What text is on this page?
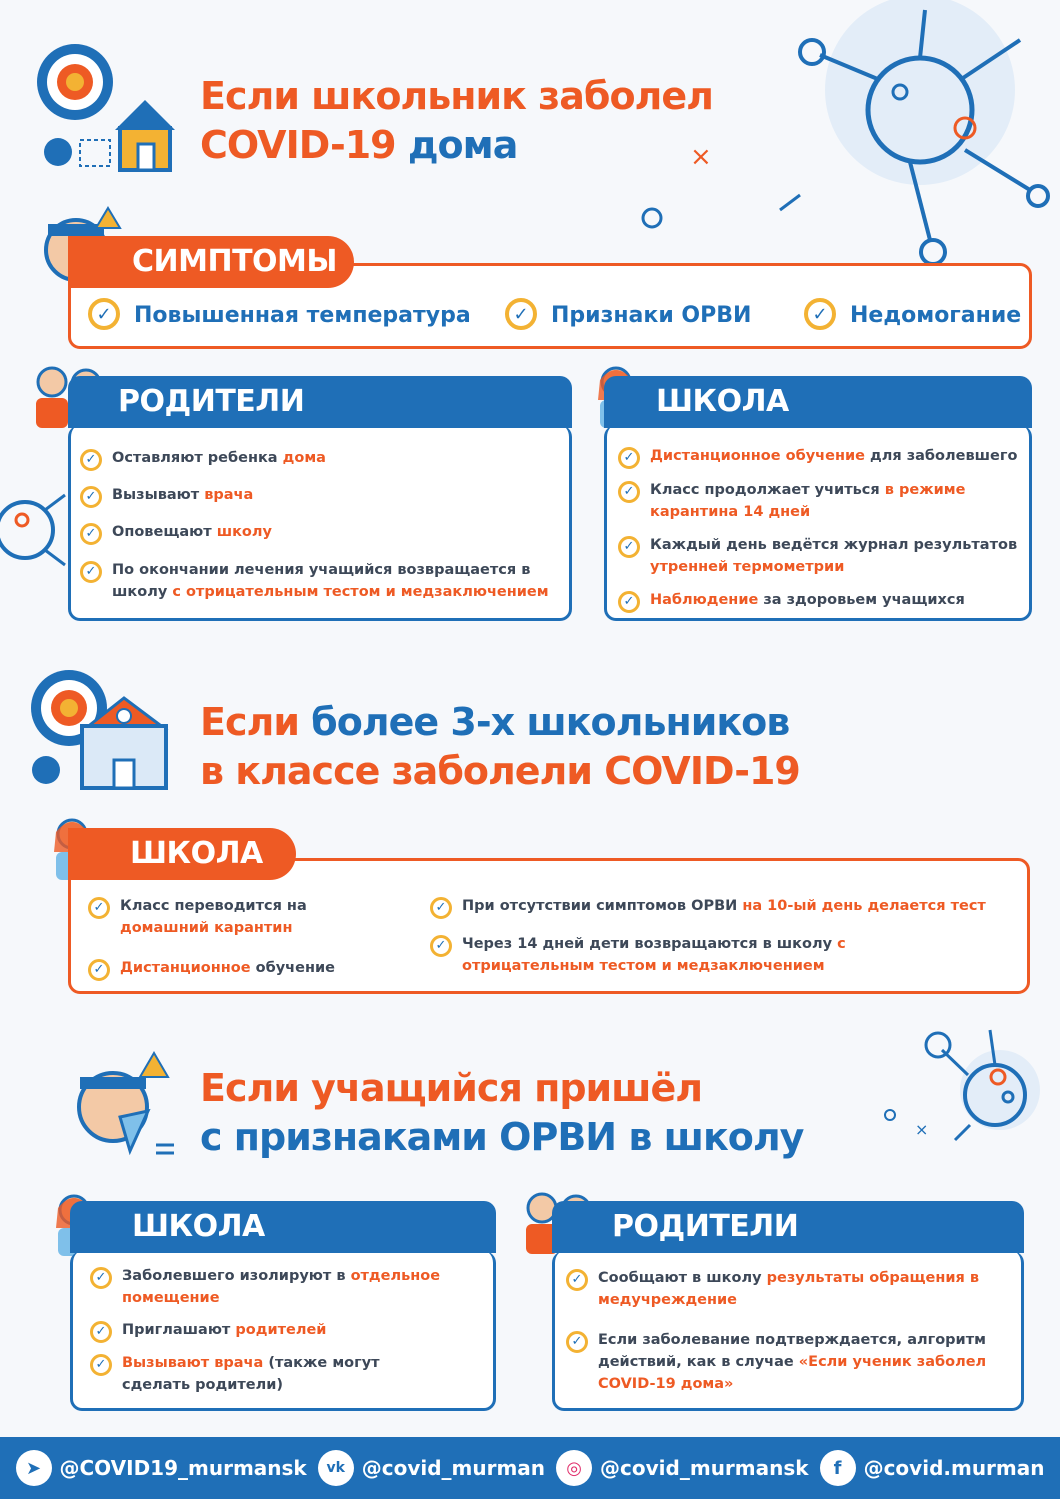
×
×
Если школьник заболел
COVID-19 дома
СИМПТОМЫ
✓	Повышенная температура	✓	Признаки ОРВИ	✓	Недомогание
РОДИТЕЛИ
✓	Оставляют ребенка дома
✓	Вызывают врача
✓	Оповещают школу
✓	По окончании лечения учащийся возвращается в школу с отрицательным тестом и медзаключением
ШКОЛА
✓	Дистанционное обучение для заболевшего
✓	Класс продолжает учиться в режиме карантина 14 дней
✓	Каждый день ведётся журнал результатов утренней термометрии
✓	Наблюдение за здоровьем учащихся
Если более 3-х школьников
в классе заболели COVID-19
ШКОЛА
✓	Класс переводится на домашний карантин
✓	Дистанционное обучение
✓	При отсутствии симптомов ОРВИ на 10-ый день делается тест
✓	Через 14 дней дети возвращаются в школу с отрицательным тестом и медзаключением
Если учащийся пришёл
с признаками ОРВИ в школу
ШКОЛА
✓	Заболевшего изолируют в отдельное помещение
✓	Приглашают родителей
✓	Вызывают врача (также могут сделать родители)
РОДИТЕЛИ
✓	Сообщают в школу результаты обращения в медучреждение
✓	Если заболевание подтверждается, алгоритм действий, как в случае «Если ученик заболел COVID-19 дома»
➤ @COVID19_murmansk	vk @covid_murman	◎ @covid_murmansk	f	@covid.murman
